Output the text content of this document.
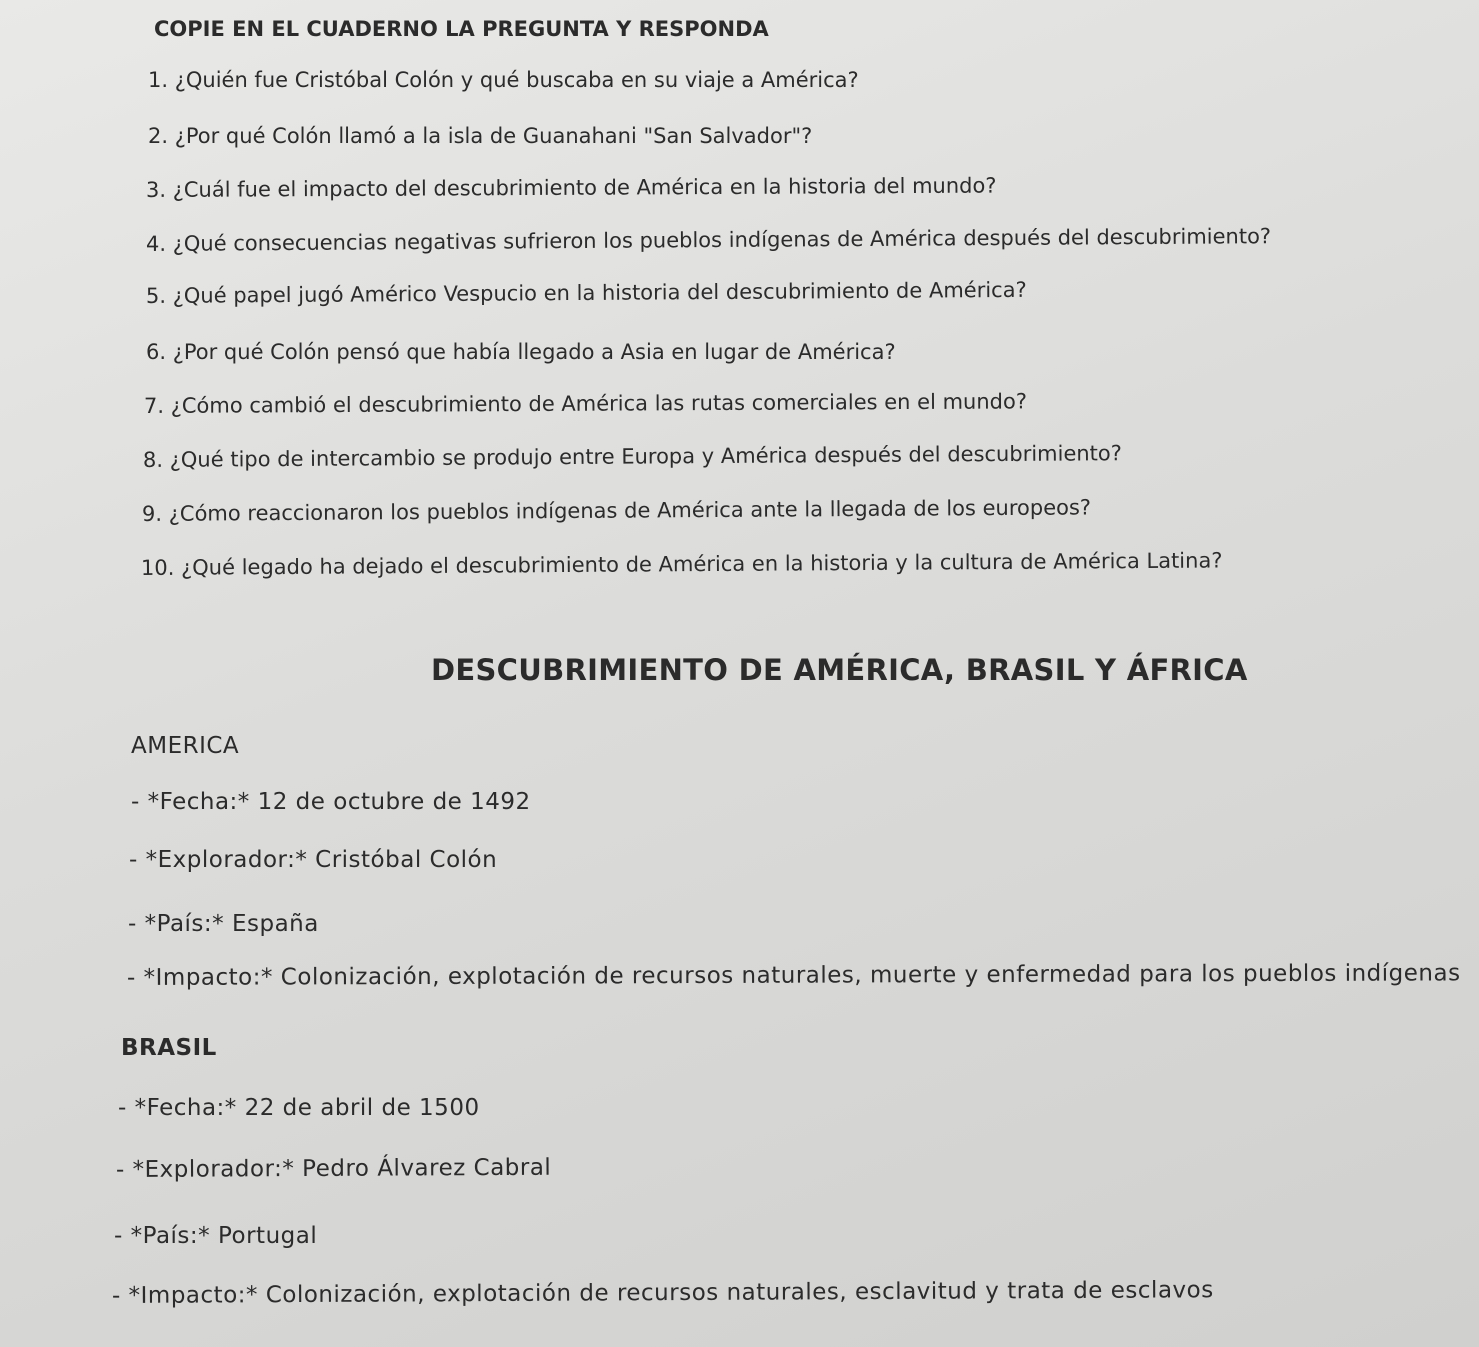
COPIE EN EL CUADERNO LA PREGUNTA Y RESPONDA
1. ¿Quién fue Cristóbal Colón y qué buscaba en su viaje a América?
2. ¿Por qué Colón llamó a la isla de Guanahani "San Salvador"?
3. ¿Cuál fue el impacto del descubrimiento de América en la historia del mundo?
4. ¿Qué consecuencias negativas sufrieron los pueblos indígenas de América después del descubrimiento?
5. ¿Qué papel jugó Américo Vespucio en la historia del descubrimiento de América?
6. ¿Por qué Colón pensó que había llegado a Asia en lugar de América?
7. ¿Cómo cambió el descubrimiento de América las rutas comerciales en el mundo?
8. ¿Qué tipo de intercambio se produjo entre Europa y América después del descubrimiento?
9. ¿Cómo reaccionaron los pueblos indígenas de América ante la llegada de los europeos?
10. ¿Qué legado ha dejado el descubrimiento de América en la historia y la cultura de América Latina?
DESCUBRIMIENTO DE AMÉRICA, BRASIL Y ÁFRICA
AMERICA
- *Fecha:* 12 de octubre de 1492
- *Explorador:* Cristóbal Colón
- *País:* España
- *Impacto:* Colonización, explotación de recursos naturales, muerte y enfermedad para los pueblos indígenas
BRASIL
- *Fecha:* 22 de abril de 1500
- *Explorador:* Pedro Álvarez Cabral
- *País:* Portugal
- *Impacto:* Colonización, explotación de recursos naturales, esclavitud y trata de esclavos
